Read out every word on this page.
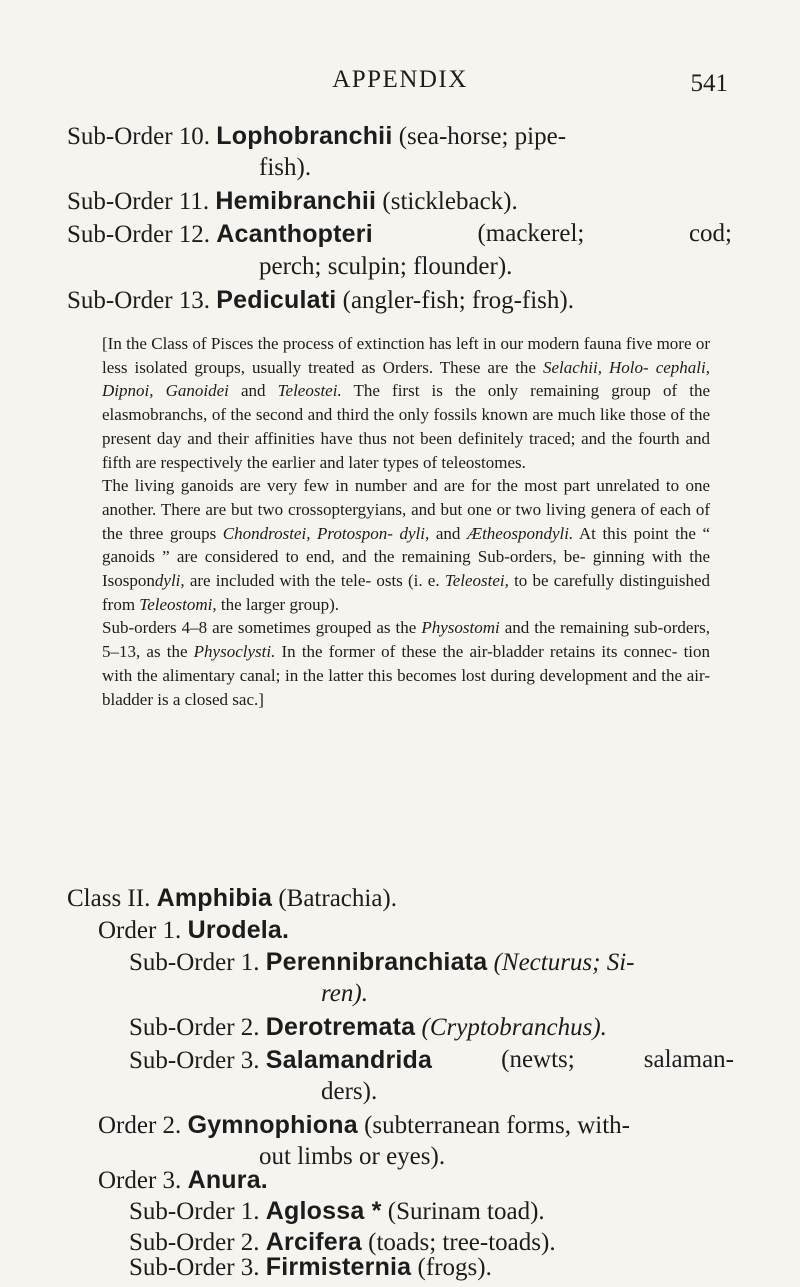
APPENDIX	541
Sub-Order 10. Lophobranchii (sea-horse; pipe-
fish).
Sub-Order 11. Hemibranchii (stickleback).
Sub-Order 12. Acanthopteri	(mackerel;	cod;
perch; sculpin; flounder).
Sub-Order 13. Pediculati (angler-fish; frog-fish).

[In the Class of Pisces the process of extinction has left in our modern fauna five more or less isolated groups, usually treated as Orders. These are the Selachii, Holo- cephali, Dipnoi, Ganoidei and Teleostei. The first is the only remaining group of the elasmobranchs, of the second and third the only fossils known are much like those of the present day and their affinities have thus not been definitely traced; and the fourth and fifth are respectively the earlier and later types of teleostomes.

The living ganoids are very few in number and are for the most part unrelated to one another. There are but two crossoptergyians, and but one or two living genera of each of the three groups Chondrostei, Protospon- dyli, and Ætheospondyli. At this point the “ ganoids ” are considered to end, and the remaining Sub-orders, be- ginning with the Isospondyli, are included with the tele- osts (i. e. Teleostei, to be carefully distinguished from Teleostomi, the larger group).

Sub-orders 4–8 are sometimes grouped as the Physostomi and the remaining sub-orders, 5–13, as the Physoclysti. In the former of these the air-bladder retains its connec- tion with the alimentary canal; in the latter this becomes lost during development and the air-bladder is a closed sac.]

Class II. Amphibia (Batrachia).
Order 1. Urodela.
Sub-Order 1. Perennibranchiata (Necturus; Si-
ren).
Sub-Order 2. Derotremata (Cryptobranchus).
Sub-Order 3. Salamandrida	(newts;	salaman-
ders).
Order 2. Gymnophiona (subterranean forms, with-
out limbs or eyes).
Order 3. Anura.
Sub-Order 1. Aglossa * (Surinam toad).
Sub-Order 2. Arcifera (toads; tree-toads).
Sub-Order 3. Firmisternia (frogs).
